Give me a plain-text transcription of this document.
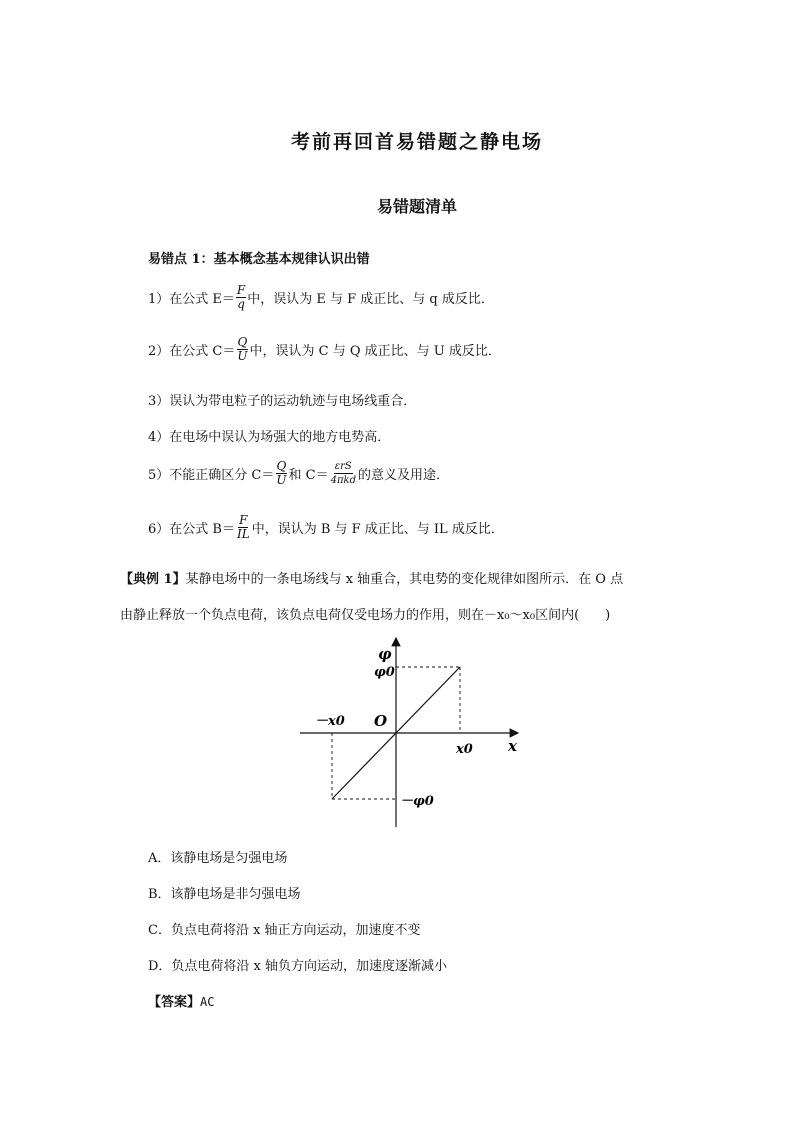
考前再回首易错题之静电场
易错题清单
易错点 1：基本概念基本规律认识出错
1）在公式 $E= \frac{F}{q}$ 中，误认为 E 与 F 成正比、与 q 成反比．
2）在公式 $C= \frac{Q}{U}$ 中，误认为 C 与 Q 成正比、与 U 成反比．
3）误认为带电粒子的运动轨迹与电场线重合．
4）在电场中误认为场强大的地方电势高．
5）不能正确区分 $C= \frac{Q}{U}$ 和 $C= \frac{\text{εrS}}{\text{4πkd}}$ 的意义及用途．
6）在公式 $B= \frac{F}{IL}$ 中，误认为 B 与 F 成正比、与 IL 成反比．
【典例 1】某静电场中的一条电场线与 x 轴重合，其电势的变化规律如图所示．在 O 点
由静止释放一个负点电荷，该负点电荷仅受电场力的作用，则在－x₀～x₀区间内(　　)
φ
x
O
φ0
－φ0
x0
－x0
A．该静电场是匀强电场
B．该静电场是非匀强电场
C．负点电荷将沿 x 轴正方向运动，加速度不变
D．负点电荷将沿 x 轴负方向运动，加速度逐渐减小
【答案】AC
